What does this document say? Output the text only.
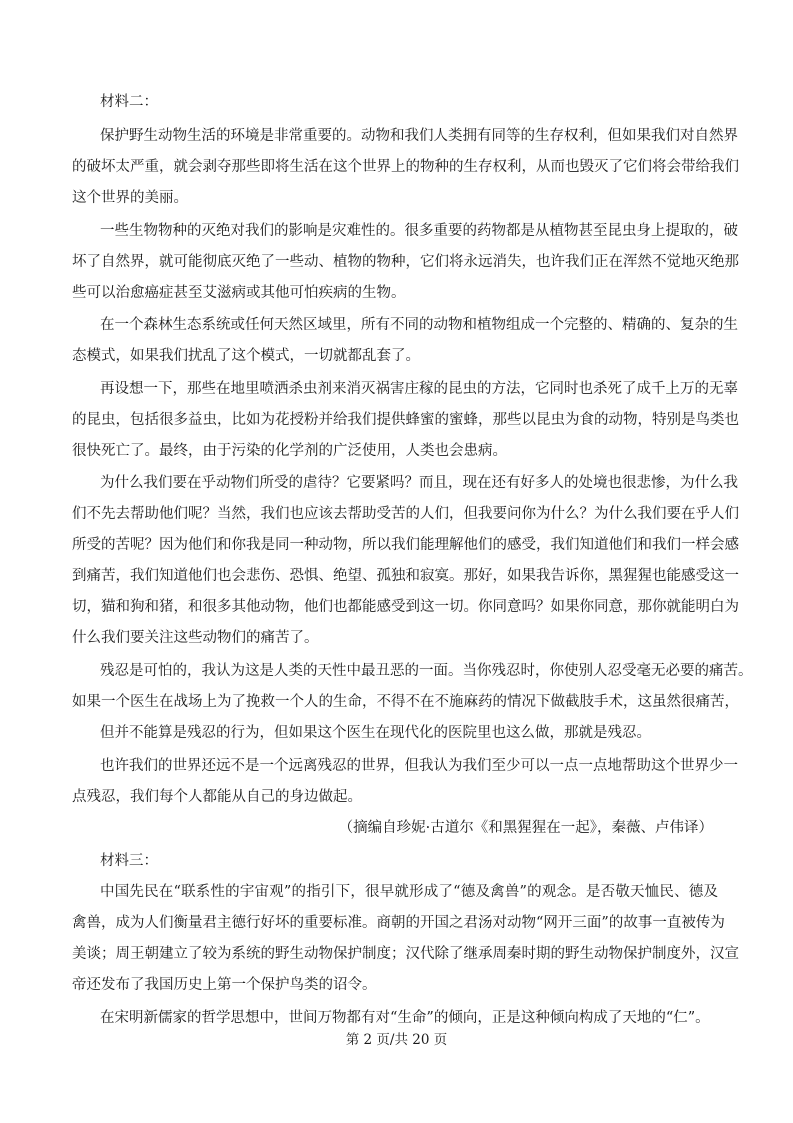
材料二：
保护野生动物生活的环境是非常重要的。动物和我们人类拥有同等的生存权利，但如果我们对自然界
的破坏太严重，就会剥夺那些即将生活在这个世界上的物种的生存权利，从而也毁灭了它们将会带给我们
这个世界的美丽。
一些生物物种的灭绝对我们的影响是灾难性的。很多重要的药物都是从植物甚至昆虫身上提取的，破
坏了自然界，就可能彻底灭绝了一些动、植物的物种，它们将永远消失，也许我们正在浑然不觉地灭绝那
些可以治愈癌症甚至艾滋病或其他可怕疾病的生物。
在一个森林生态系统或任何天然区域里，所有不同的动物和植物组成一个完整的、精确的、复杂的生
态模式，如果我们扰乱了这个模式，一切就都乱套了。
再设想一下，那些在地里喷洒杀虫剂来消灭祸害庄稼的昆虫的方法，它同时也杀死了成千上万的无辜
的昆虫，包括很多益虫，比如为花授粉并给我们提供蜂蜜的蜜蜂，那些以昆虫为食的动物，特别是鸟类也
很快死亡了。最终，由于污染的化学剂的广泛使用，人类也会患病。
为什么我们要在乎动物们所受的虐待？它要紧吗？而且，现在还有好多人的处境也很悲惨，为什么我
们不先去帮助他们呢？当然，我们也应该去帮助受苦的人们，但我要问你为什么？为什么我们要在乎人们
所受的苦呢？因为他们和你我是同一种动物，所以我们能理解他们的感受，我们知道他们和我们一样会感
到痛苦，我们知道他们也会悲伤、恐惧、绝望、孤独和寂寞。那好，如果我告诉你，黑猩猩也能感受这一
切，猫和狗和猪，和很多其他动物，他们也都能感受到这一切。你同意吗？如果你同意，那你就能明白为
什么我们要关注这些动物们的痛苦了。
残忍是可怕的，我认为这是人类的天性中最丑恶的一面。当你残忍时，你使别人忍受毫无必要的痛苦。
如果一个医生在战场上为了挽救一个人的生命，不得不在不施麻药的情况下做截肢手术，这虽然很痛苦，
但并不能算是残忍的行为，但如果这个医生在现代化的医院里也这么做，那就是残忍。
也许我们的世界还远不是一个远离残忍的世界，但我认为我们至少可以一点一点地帮助这个世界少一
点残忍，我们每个人都能从自己的身边做起。
（摘编自珍妮·古道尔《和黑猩猩在一起》，秦薇、卢伟译）
材料三：
中国先民在“联系性的宇宙观”的指引下，很早就形成了“德及禽兽”的观念。是否敬天恤民、德及
禽兽，成为人们衡量君主德行好坏的重要标准。商朝的开国之君汤对动物“网开三面”的故事一直被传为
美谈；周王朝建立了较为系统的野生动物保护制度；汉代除了继承周秦时期的野生动物保护制度外，汉宣
帝还发布了我国历史上第一个保护鸟类的诏令。
在宋明新儒家的哲学思想中，世间万物都有对“生命”的倾向，正是这种倾向构成了天地的“仁”。
第 2 页/共 20 页
